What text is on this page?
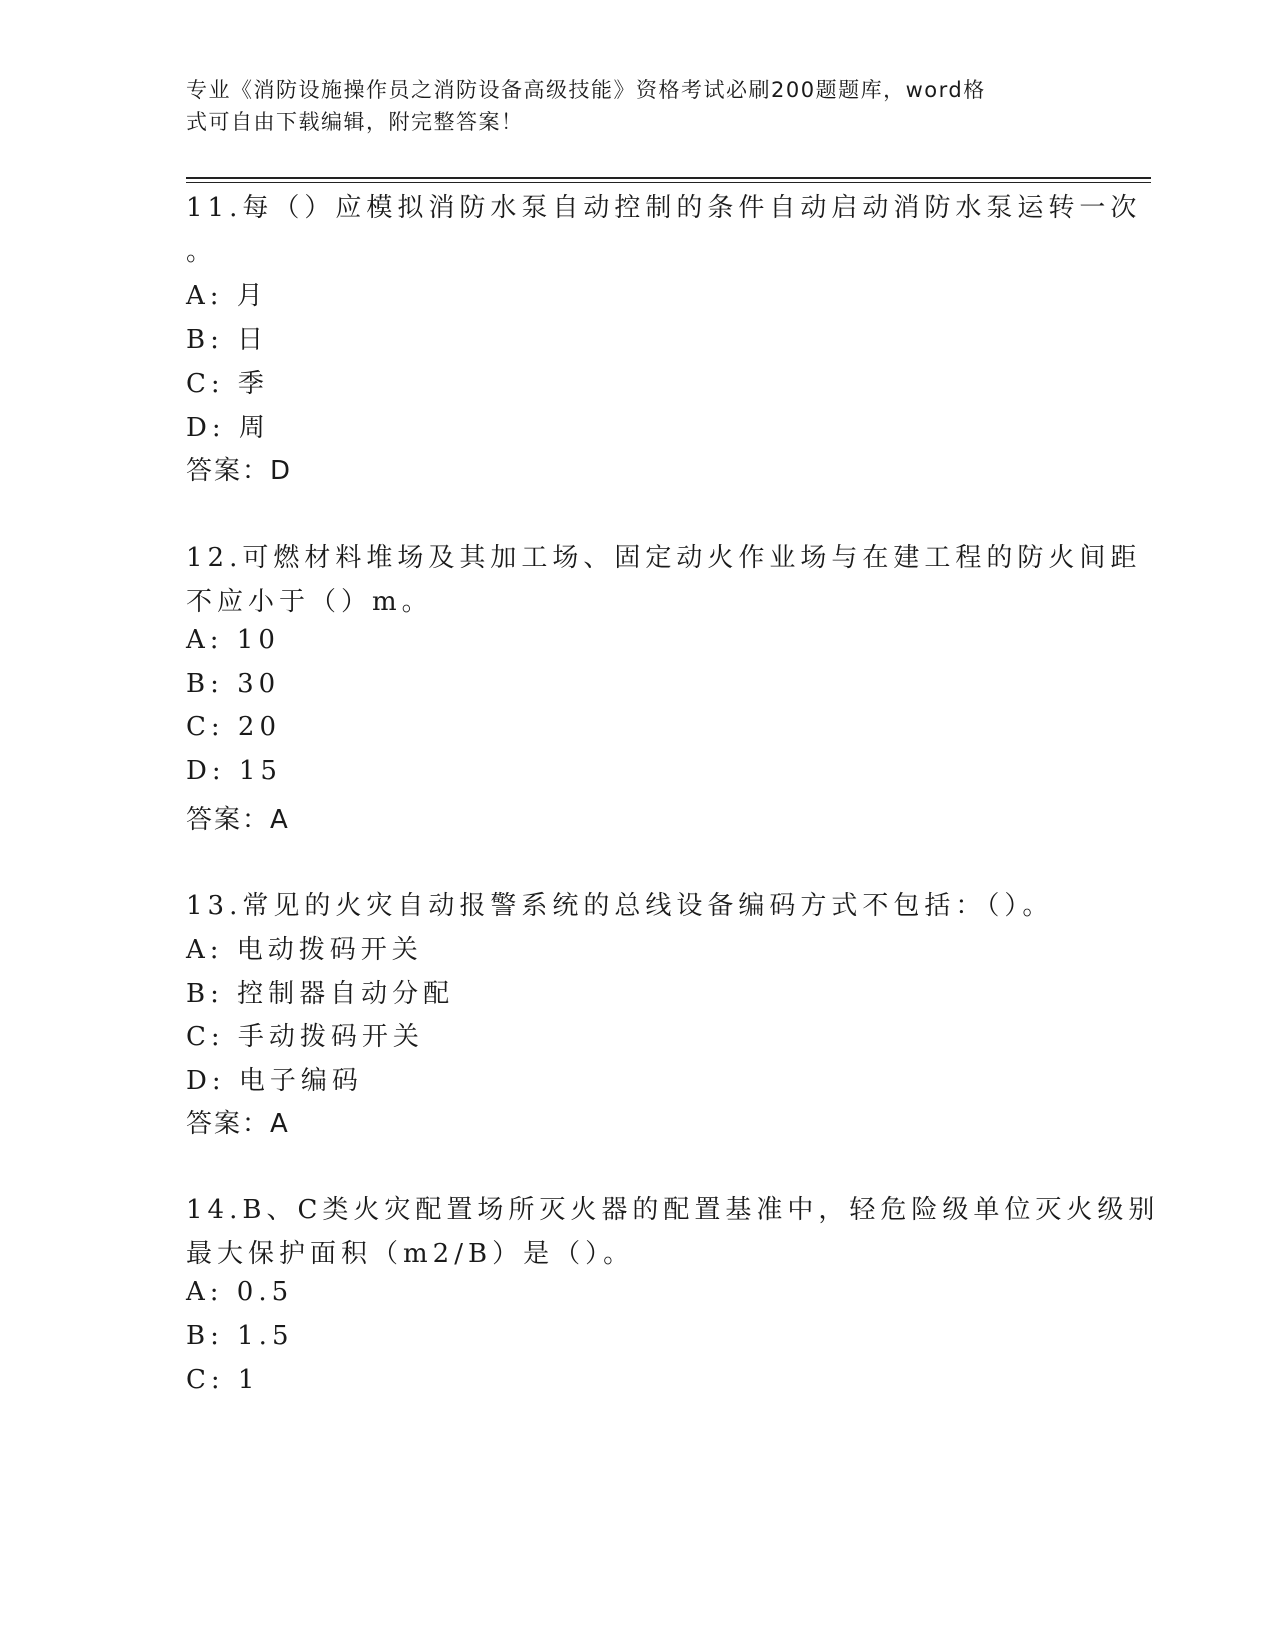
专业《消防设施操作员之消防设备高级技能》资格考试必刷200题题库，word格
式可自由下载编辑，附完整答案！
11.每（）应模拟消防水泵自动控制的条件自动启动消防水泵运转一次
。
A: 月
B: 日
C: 季
D: 周
答案：D
12.可燃材料堆场及其加工场、固定动火作业场与在建工程的防火间距
不应小于（）m。
A: 10
B: 30
C: 20
D: 15
答案：A
13.常见的火灾自动报警系统的总线设备编码方式不包括：（）。
A: 电动拨码开关
B: 控制器自动分配
C: 手动拨码开关
D: 电子编码
答案：A
14.B、C类火灾配置场所灭火器的配置基准中，轻危险级单位灭火级别
最大保护面积（m2/B）是（）。
A: 0.5
B: 1.5
C: 1
